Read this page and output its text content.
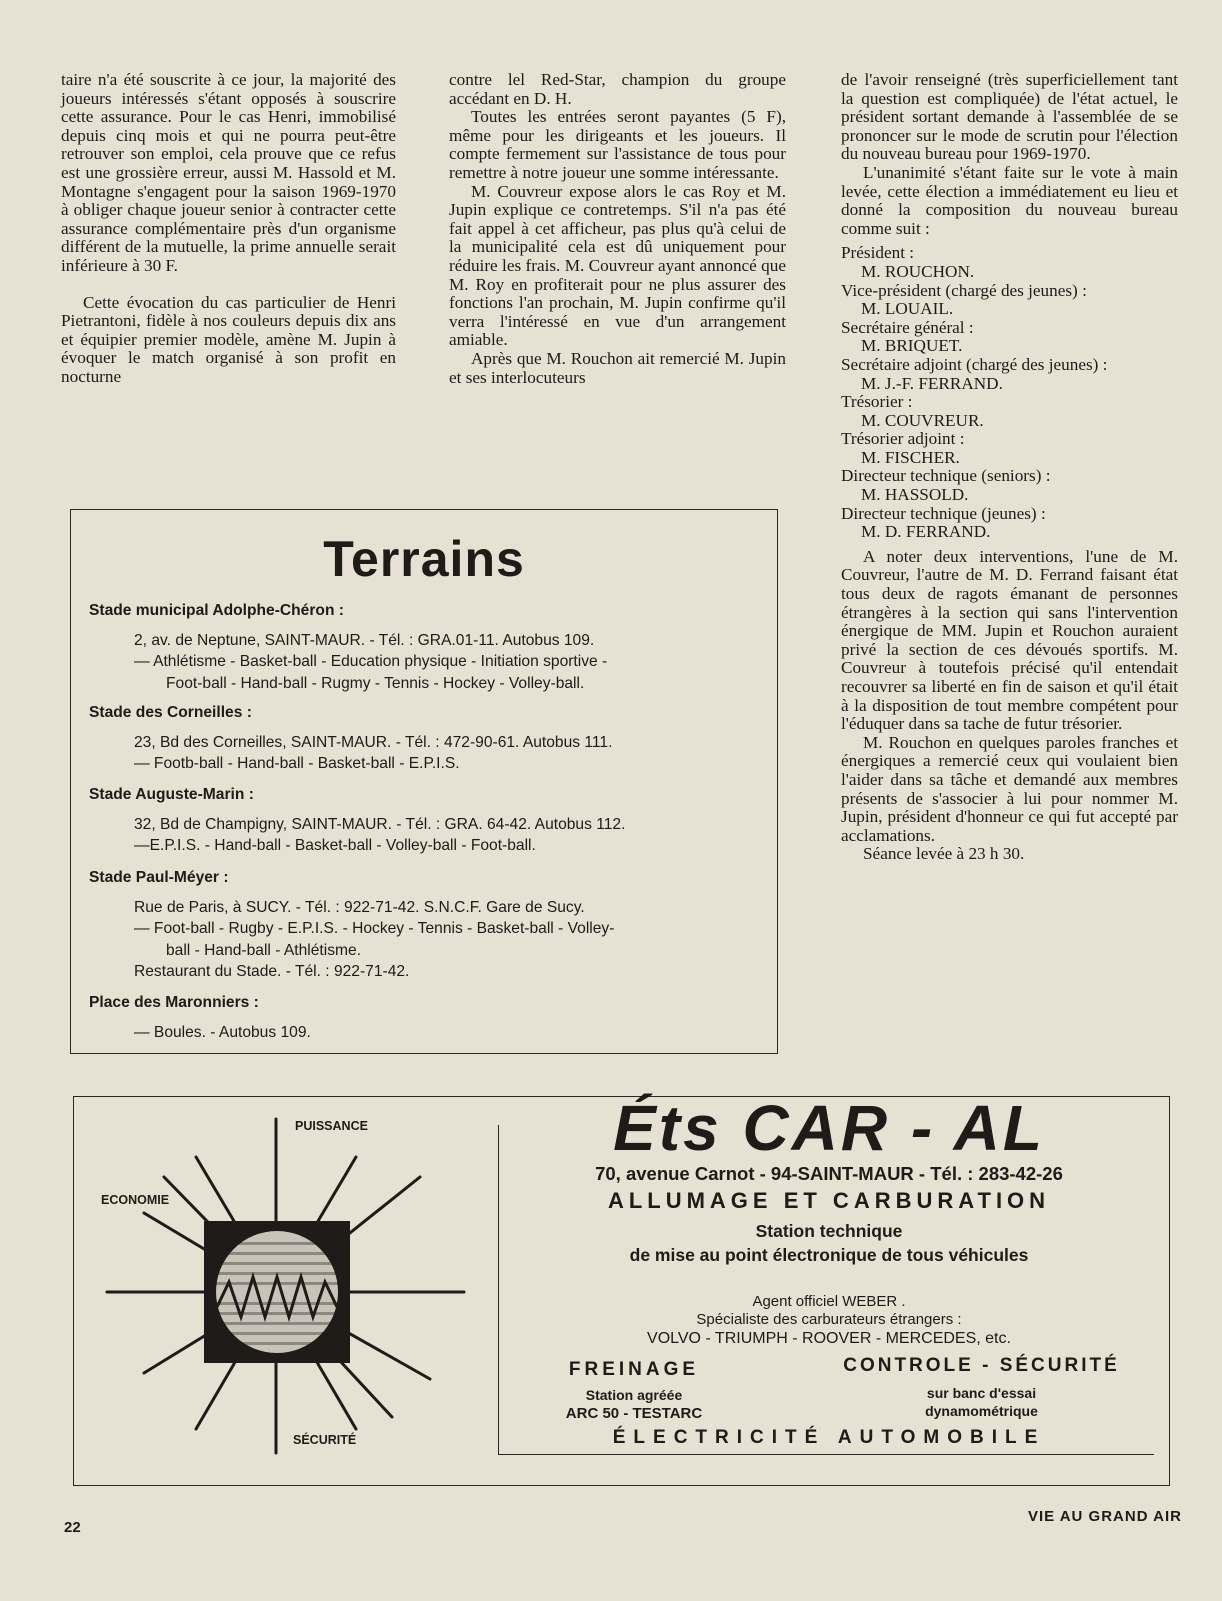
taire n'a été souscrite à ce jour, la majorité des joueurs intéressés s'étant opposés à souscrire cette assurance. Pour le cas Henri, immobilisé depuis cinq mois et qui ne pourra peut-être retrouver son emploi, cela prouve que ce refus est une grossière erreur, aussi M. Hassold et M. Montagne s'engagent pour la saison 1969-1970 à obliger chaque joueur senior à contracter cette assurance complémentaire près d'un organisme différent de la mutuelle, la prime annuelle serait inférieure à 30 F.

Cette évocation du cas particulier de Henri Pietrantoni, fidèle à nos couleurs depuis dix ans et équipier premier modèle, amène M. Jupin à évoquer le match organisé à son profit en nocturne

contre lel Red-Star, champion du groupe accédant en D. H.

Toutes les entrées seront payantes (5 F), même pour les dirigeants et les joueurs. Il compte fermement sur l'assistance de tous pour remettre à notre joueur une somme intéressante.

M. Couvreur expose alors le cas Roy et M. Jupin explique ce contretemps. S'il n'a pas été fait appel à cet afficheur, pas plus qu'à celui de la municipalité cela est dû uniquement pour réduire les frais. M. Couvreur ayant annoncé que M. Roy en profiterait pour ne plus assurer des fonctions l'an prochain, M. Jupin confirme qu'il verra l'intéressé en vue d'un arrangement amiable.

Après que M. Rouchon ait remercié M. Jupin et ses interlocuteurs

de l'avoir renseigné (très superficiellement tant la question est compliquée) de l'état actuel, le président sortant demande à l'assemblée de se prononcer sur le mode de scrutin pour l'élection du nouveau bureau pour 1969-1970.

L'unanimité s'étant faite sur le vote à main levée, cette élection a immédiatement eu lieu et donné la composition du nouveau bureau comme suit :

Président :

M. ROUCHON.

Vice-président (chargé des jeunes) :

M. LOUAIL.

Secrétaire général :

M. BRIQUET.

Secrétaire adjoint (chargé des jeunes) :

M. J.-F. FERRAND.

Trésorier :

M. COUVREUR.

Trésorier adjoint :

M. FISCHER.

Directeur technique (seniors) :

M. HASSOLD.

Directeur technique (jeunes) :

M. D. FERRAND.

A noter deux interventions, l'une de M. Couvreur, l'autre de M. D. Ferrand faisant état tous deux de ragots émanant de personnes étrangères à la section qui sans l'intervention énergique de MM. Jupin et Rouchon auraient privé la section de ces dévoués sportifs. M. Couvreur à toutefois précisé qu'il entendait recouvrer sa liberté en fin de saison et qu'il était à la disposition de tout membre compétent pour l'éduquer dans sa tache de futur trésorier.

M. Rouchon en quelques paroles franches et énergiques a remercié ceux qui voulaient bien l'aider dans sa tâche et demandé aux membres présents de s'associer à lui pour nommer M. Jupin, président d'honneur ce qui fut accepté par acclamations.

Séance levée à 23 h 30.

Terrains

Stade municipal Adolphe-Chéron :

2, av. de Neptune, SAINT-MAUR. - Tél. : GRA.01-11. Autobus 109.

— Athlétisme - Basket-ball - Education physique - Initiation sportive -

Foot-ball - Hand-ball - Rugmy - Tennis - Hockey - Volley-ball.

Stade des Corneilles :

23, Bd des Corneilles, SAINT-MAUR. - Tél. : 472-90-61. Autobus 111.

— Footb-ball - Hand-ball - Basket-ball - E.P.I.S.

Stade Auguste-Marin :

32, Bd de Champigny, SAINT-MAUR. - Tél. : GRA. 64-42. Autobus 112.

—E.P.I.S. - Hand-ball - Basket-ball - Volley-ball - Foot-ball.

Stade Paul-Méyer :

Rue de Paris, à SUCY. - Tél. : 922-71-42. S.N.C.F. Gare de Sucy.

— Foot-ball - Rugby - E.P.I.S. - Hockey - Tennis - Basket-ball - Volley-

ball - Hand-ball - Athlétisme.

Restaurant du Stade. - Tél. : 922-71-42.

Place des Maronniers :

— Boules. - Autobus 109.

PUISSANCE
ECONOMIE
SÉCURITÉ
Éts CAR - AL
70, avenue Carnot - 94-SAINT-MAUR - Tél. : 283-42-26
ALLUMAGE ET CARBURATION
Station technique
de mise au point électronique de tous véhicules
Agent officiel WEBER .
Spécialiste des carburateurs étrangers :
VOLVO - TRIUMPH - ROOVER - MERCEDES, etc.
FREINAGE
Station agréée
ARC 50 - TESTARC
CONTROLE - SÉCURITÉ
sur banc d'essai
dynamométrique
ÉLECTRICITÉ AUTOMOBILE
22
VIE AU GRAND AIR
